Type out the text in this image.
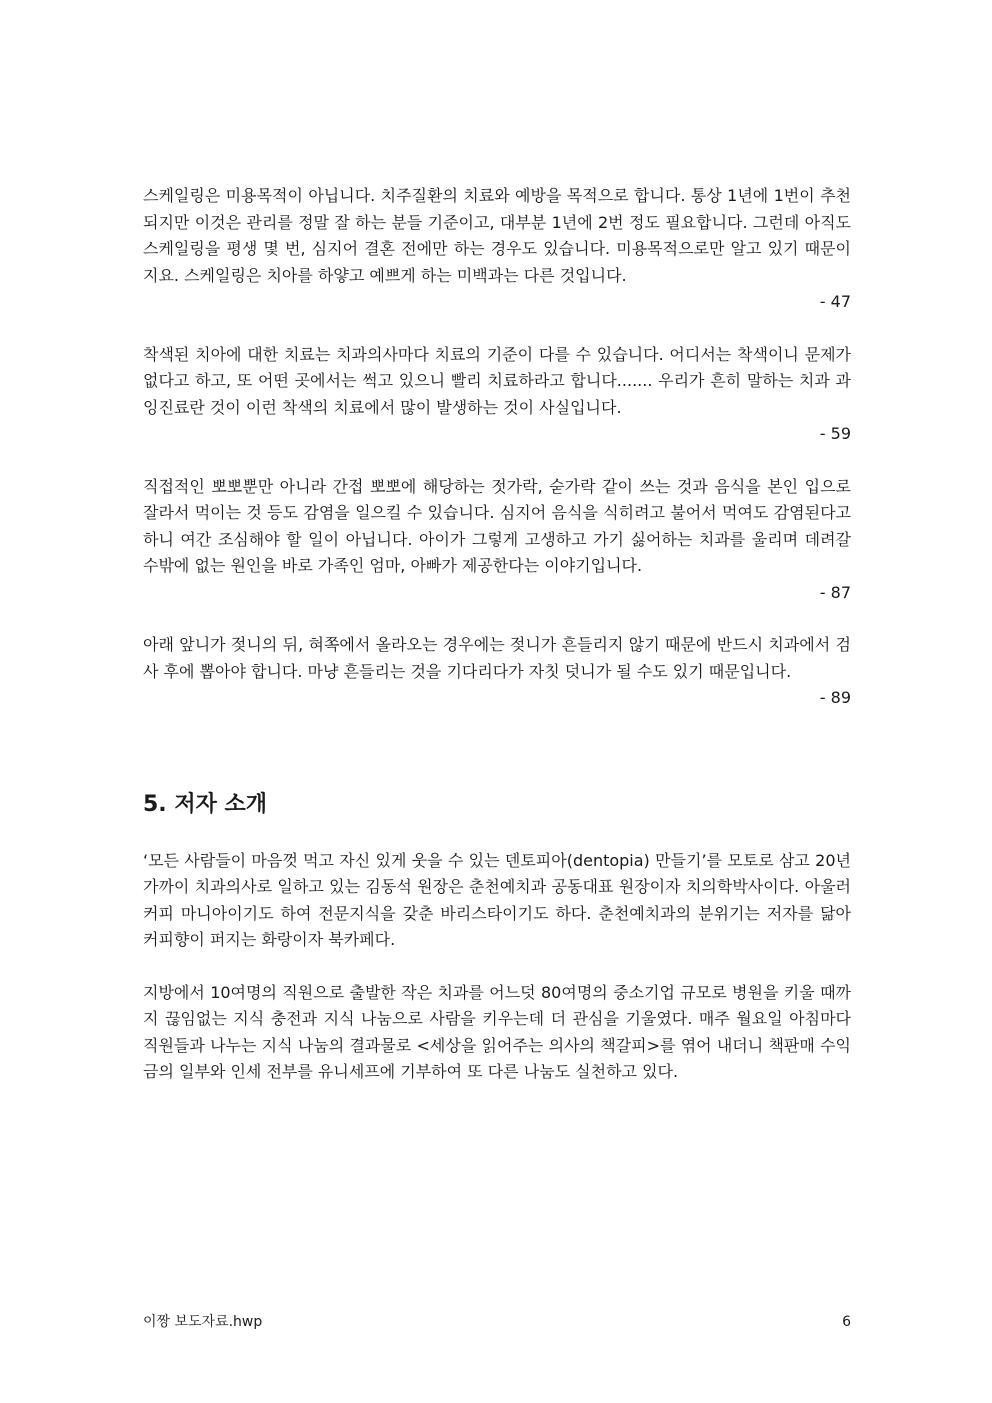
스케일링은 미용목적이 아닙니다. 치주질환의 치료와 예방을 목적으로 합니다. 통상 1년에 1번이 추천되지만 이것은 관리를 정말 잘 하는 분들 기준이고, 대부분 1년에 2번 정도 필요합니다. 그런데 아직도 스케일링을 평생 몇 번, 심지어 결혼 전에만 하는 경우도 있습니다. 미용목적으로만 알고 있기 때문이지요. 스케일링은 치아를 하얗고 예쁘게 하는 미백과는 다른 것입니다.

- 47

착색된 치아에 대한 치료는 치과의사마다 치료의 기준이 다를 수 있습니다. 어디서는 착색이니 문제가 없다고 하고, 또 어떤 곳에서는 썩고 있으니 빨리 치료하라고 합니다....... 우리가 흔히 말하는 치과 과잉진료란 것이 이런 착색의 치료에서 많이 발생하는 것이 사실입니다.

- 59

직접적인 뽀뽀뿐만 아니라 간접 뽀뽀에 해당하는 젓가락, 숟가락 같이 쓰는 것과 음식을 본인 입으로 잘라서 먹이는 것 등도 감염을 일으킬 수 있습니다. 심지어 음식을 식히려고 불어서 먹여도 감염된다고 하니 여간 조심해야 할 일이 아닙니다. 아이가 그렇게 고생하고 가기 싫어하는 치과를 울리며 데려갈 수밖에 없는 원인을 바로 가족인 엄마, 아빠가 제공한다는 이야기입니다.

- 87

아래 앞니가 젖니의 뒤, 혀쪽에서 올라오는 경우에는 젖니가 흔들리지 않기 때문에 반드시 치과에서 검사 후에 뽑아야 합니다. 마냥 흔들리는 것을 기다리다가 자칫 덧니가 될 수도 있기 때문입니다.

- 89

5. 저자 소개

‘모든 사람들이 마음껏 먹고 자신 있게 웃을 수 있는 덴토피아(dentopia) 만들기’를 모토로 삼고 20년 가까이 치과의사로 일하고 있는 김동석 원장은 춘천예치과 공동대표 원장이자 치의학박사이다. 아울러 커피 마니아이기도 하여 전문지식을 갖춘 바리스타이기도 하다. 춘천예치과의 분위기는 저자를 닮아 커피향이 퍼지는 화랑이자 북카페다.

지방에서 10여명의 직원으로 출발한 작은 치과를 어느덧 80여명의 중소기업 규모로 병원을 키울 때까지 끊임없는 지식 충전과 지식 나눔으로 사람을 키우는데 더 관심을 기울였다. 매주 월요일 아침마다 직원들과 나누는 지식 나눔의 결과물로 <세상을 읽어주는 의사의 책갈피>를 엮어 내더니 책판매 수익금의 일부와 인세 전부를 유니세프에 기부하여 또 다른 나눔도 실천하고 있다.

이짱 보도자료.hwp	6
